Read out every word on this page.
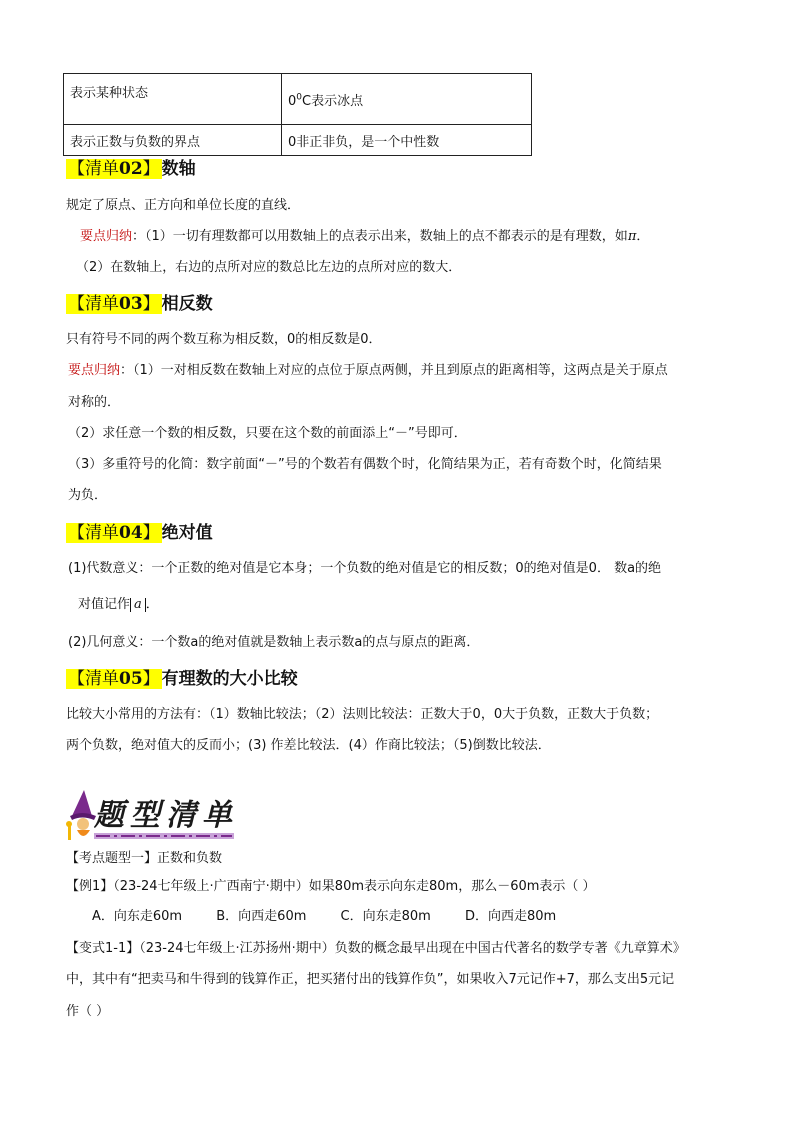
表示某种状态	$0^0C$表示冰点
表示正数与负数的界点	0非正非负，是一个中性数
【清单02】 数轴
规定了原点、正方向和单位长度的直线．
要点归纳：（1）一切有理数都可以用数轴上的点表示出来，数轴上的点不都表示的是有理数，如π．
（2）在数轴上，右边的点所对应的数总比左边的点所对应的数大．
【清单03】 相反数
只有符号不同的两个数互称为相反数，0的相反数是0．
要点归纳：（1）一对相反数在数轴上对应的点位于原点两侧，并且到原点的距离相等，这两点是关于原点
对称的．
（2）求任意一个数的相反数，只要在这个数的前面添上“－”号即可．
（3）多重符号的化简：数字前面“－”号的个数若有偶数个时，化简结果为正，若有奇数个时，化简结果
为负．
【清单04】 绝对值
(1)代数意义：一个正数的绝对值是它本身；一个负数的绝对值是它的相反数；0的绝对值是0． 数a的绝
对值记作 a ．
(2)几何意义：一个数a的绝对值就是数轴上表示数a的点与原点的距离．
【清单05】 有理数的大小比较
比较大小常用的方法有：（1）数轴比较法；（2）法则比较法：正数大于0，0大于负数，正数大于负数；
两个负数，绝对值大的反而小；(3) 作差比较法．(4）作商比较法；（5)倒数比较法．
题型清单
【考点题型一】正数和负数
【例1】（23-24七年级上·广西南宁·期中）如果80m表示向东走80m，那么－60m表示（ ）
A．向东走60m	B．向西走60m	C．向东走80m	D．向西走80m
【变式1-1】（23-24七年级上·江苏扬州·期中）负数的概念最早出现在中国古代著名的数学专著《九章算术》
中，其中有“把卖马和牛得到的钱算作正，把买猪付出的钱算作负”，如果收入7元记作+7，那么支出5元记
作（ ）
